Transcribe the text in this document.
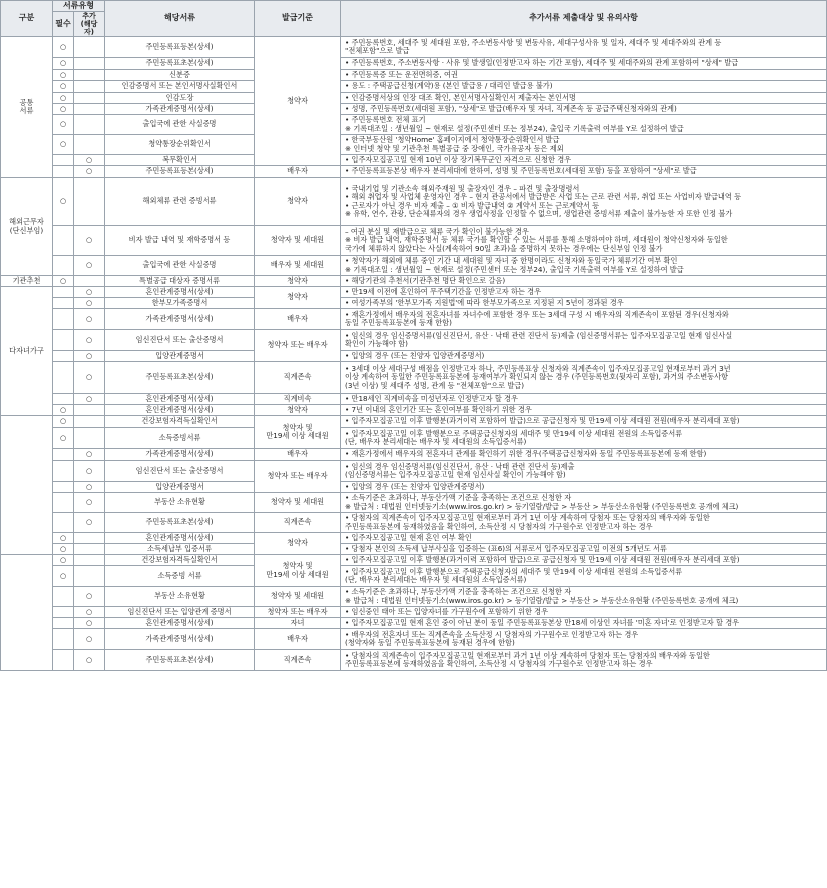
구분	서류유형		해당서류	발급기준	추가서류 제출대상 및 유의사항
	필수	추가
(해당자)			
공통
서류	○		주민등록표등본(상세)	청약자	• 주민등록번호, 세대주 및 세대원 포함, 주소변동사항 및 변동사유, 세대구성사유 및 일자, 세대주 및 세대주와의 관계 등
"전체포함"으로 발급
	○		주민등록표초본(상세)		• 주민등록번호, 주소변동사항 · 사유 및 발생일(인정받고자 하는 기간 포함), 세대주 및 세대주와의 관계 포함하여 "상세" 발급
	○		신분증		• 주민등록증 또는 운전면허증, 여권
	○		인감증명서 또는 본인서명사실확인서		• 용도 : 주택공급신청(계약)용 (본인 발급용 / 대리인 발급용 불가)
	○		인감도장		• 인감증명서상의 인장 대조 확인, 본인서명사실확인서 제출자는 본인서명
	○		가족관계증명서(상세)		• 성명, 주민등록번호(세대원 포함), "상세"로 발급(배우자 및 자녀, 직계존속 등 공급주택신청자와의 관계)
	○		출입국에 관한 사실증명		• 주민등록번호 전체 표기
※ 기록대조일 : 생년월일 ~ 현재로 설정(주민센터 또는 정부24), 출입국 기록출력 여부를 Y로 설정하여 발급
	○		청약통장순위확인서		• 한국부동산원 '청약Home' 홈페이지에서 청약통장순위확인서 발급
※ 인터넷 청약 및 기관추천 특별공급 중 장애인, 국가유공자 등은 제외
		○	복무확인서		• 입주자모집공고일 현재 10년 이상 장기복무군인 자격으로 신청한 경우
		○	주민등록표등본(상세)	배우자	• 주민등록표등본상 배우자 분리세대에 한하여, 성명 및 주민등록번호(세대원 포함) 등을 포함하여 "상세"로 발급
해외근무자
(단신부임)	○		해외체류 관련 증빙서류	청약자	• 국내기업 및 기관소속 해외주재원 및 출장자인 경우 – 파견 및 출장명령서
• 해외 취업자 및 사업체 운영자인 경우 – 현지 관공서에서 발급받은 사업 또는 근로 관련 서류, 취업 또는 사업비자 발급내역 등
• 근로자가 아닌 경우 비자 제출 – ① 비자 발급내역 ② 계약서 또는 근로계약서 등
※ 유학, 연수, 관광, 단순체류자의 경우 생업사정을 인정할 수 없으며, 생업관련 증빙서류 제출이 불가능한 자 또한 인정 불가
		○	비자 발급 내역 및 재학증명서 등	청약자 및 세대원	– 여권 분실 및 재발급으로 체류 국가 확인이 불가능한 경우
※ 비자 발급 내역, 재학증명서 등 체류 국가를 확인할 수 있는 서류를 통해 소명하여야 하며, 세대원이 청약신청자와 동일한
국가에 체류하지 않았다는 사실(계속하여 90일 초과)을 증명하지 못하는 경우에는 단신부임 인정 불가
		○	출입국에 관한 사실증명	배우자 및 세대원	• 청약자가 해외에 체류 중인 기간 내 세대원 및 자녀 중 한명이라도 신청자와 동일국가 체류기간 여부 확인
※ 기록대조일 : 생년월일 ~ 현재로 설정(주민센터 또는 정부24), 출입국 기록출력 여부를 Y로 설정하여 발급
기관추천	○		특별공급 대상자 증명서류	청약자	• 해당기관의 추천서(기관추천 명단 확인으로 갈음)
다자녀가구		○	혼인관계증명서(상세)	청약자	• 만19세 이전에 혼인하여 무주택기간을 인정받고자 하는 경우
		○	한부모가족증명서		• 여성가족부의 '한부모가족 지원법'에 따라 한부모가족으로 지정된 지 5년이 경과된 경우
		○	가족관계증명서(상세)	배우자	• 재혼가정에서 배우자의 전혼자녀를 자녀수에 포함한 경우 또는 3세대 구성 시 배우자의 직계존속이 포함된 경우(신청자와
동일 주민등록표등본에 등재 한함)
		○	임신진단서 또는 출산증명서	청약자 또는 배우자	• 임신의 경우 임신증명서류(임신진단서, 유산 · 낙태 관련 진단서 등)제출 (임신증명서류는 입주자모집공고일 현재 임신사실
확인이 가능해야 함)
		○	입양관계증명서		• 입양의 경우 (또는 친양자 입양관계증명서)
		○	주민등록표초본(상세)	직계존속	• 3세대 이상 세대구성 배점을 인정받고자 하나, 주민등록표상 신청자와 직계존속이 입주자모집공고일 현재로부터 과거 3년
이상 계속하여 동일한 주민등록표등본에 등재여부가 확인되지 않는 경우 (주민등록번호(뒷자리 포함), 과거의 주소변동사항
(3년 이상) 및 세대주 성명, 관계 등 "전체포함"으로 발급)
		○	혼인관계증명서(상세)	직계비속	• 만18세인 직계비속을 미성년자로 인정받고자 할 경우
	○		혼인관계증명서(상세)	청약자	• 7년 이내의 혼인기간 또는 혼인여부를 확인하기 위한 경우
	○		건강보험자격득실확인서	청약자 및
만19세 이상 세대원	• 입주자모집공고일 이후 발행분(과거이력 포함하여 발급)으로 공급신청자 및 만19세 이상 세대원 전원(배우자 분리세대 포함)
	○		소득증빙서류		• 입주자모집공고일 이후 발행분으로 주택공급신청자의 세대주 및 만19세 이상 세대원 전원의 소득입증서류
(단, 배우자 분리세대는 배우자 및 세대원의 소득입증서류)
		○	가족관계증명서(상세)	배우자	• 재혼가정에서 배우자의 전혼자녀 관계를 확인하기 위한 경우(주택공급신청자와 동일 주민등록표등본에 등재 한함)
		○	임신진단서 또는 출산증명서	청약자 또는 배우자	• 임신의 경우 임신증명서류(임신진단서, 유산 · 낙태 관련 진단서 등)제출
(임신증명서류는 입주자모집공고일 현재 임신사실 확인이 가능해야 함)
		○	입양관계증명서		• 입양의 경우 (또는 친양자 입양관계증명서)
		○	부동산 소유현황	청약자 및 세대원	• 소득기준은 초과하나, 부동산가액 기준을 충족하는 조건으로 신청한 자
※ 발급처 : 대법원 인터넷등기소(www.iros.go.kr) > 등기열람/발급 > 부동산 > 부동산소유현황 (주민등록번호 공개에 체크)
		○	주민등록표초본(상세)	직계존속	• 당첨자의 직계존속이 입주자모집공고일 현재로부터 과거 1년 이상 계속하여 당첨자 또는 당첨자의 배우자와 동일한
주민등록표등본에 등재하였음을 확인하여, 소득산정 시 당첨자의 가구원수로 인정받고자 하는 경우
	○		혼인관계증명서(상세)	청약자	• 입주자모집공고일 현재 혼인 여부 확인
	○		소득세납부 입증서류		• 당첨자 본인의 소득세 납부사실을 입증하는 (표6)의 서류로서 입주자모집공고일 이전의 5개년도 서류
	○		건강보험자격득실확인서	청약자 및
만19세 이상 세대원	• 입주자모집공고일 이후 발행분(과거이력 포함하여 발급)으로 공급신청자 및 만19세 이상 세대원 전원(배우자 분리세대 포함)
	○		소득증빙 서류		• 입주자모집공고일 이후 발행분으로 주택공급신청자의 세대주 및 만19세 이상 세대원 전원의 소득입증서류
(단, 배우자 분리세대는 배우자 및 세대원의 소득입증서류)
		○	부동산 소유현황	청약자 및 세대원	• 소득기준은 초과하나, 부동산가액 기준을 충족하는 조건으로 신청한 자
※ 발급처 : 대법원 인터넷등기소(www.iros.go.kr) > 등기열람/발급 > 부동산 > 부동산소유현황 (주민등록번호 공개에 체크)
		○	임신진단서 또는 입양관계 증명서	청약자 또는 배우자	• 임신중인 태아 또는 입양자녀를 가구원수에 포함하기 위한 경우
		○	혼인관계증명서(상세)	자녀	• 입주자모집공고일 현재 혼인 중이 아닌 분이 동일 주민등록표등본상 만18세 이상인 자녀를 '미혼 자녀'로 인정받고자 할 경우
		○	가족관계증명서(상세)	배우자	• 배우자의 전혼자녀 또는 직계존속을 소득산정 시 당첨자의 가구원수로 인정받고자 하는 경우
(청약자와 동일 주민등록표등본에 등재된 경우에 한함)
		○	주민등록표초본(상세)	직계존속	• 당첨자의 직계존속이 입주자모집공고일 현재로부터 과거 1년 이상 계속하여 당첨자 또는 당첨자의 배우자와 동일한
주민등록표등본에 등재하였음을 확인하여, 소득산정 시 당첨자의 가구원수로 인정받고자 하는 경우
